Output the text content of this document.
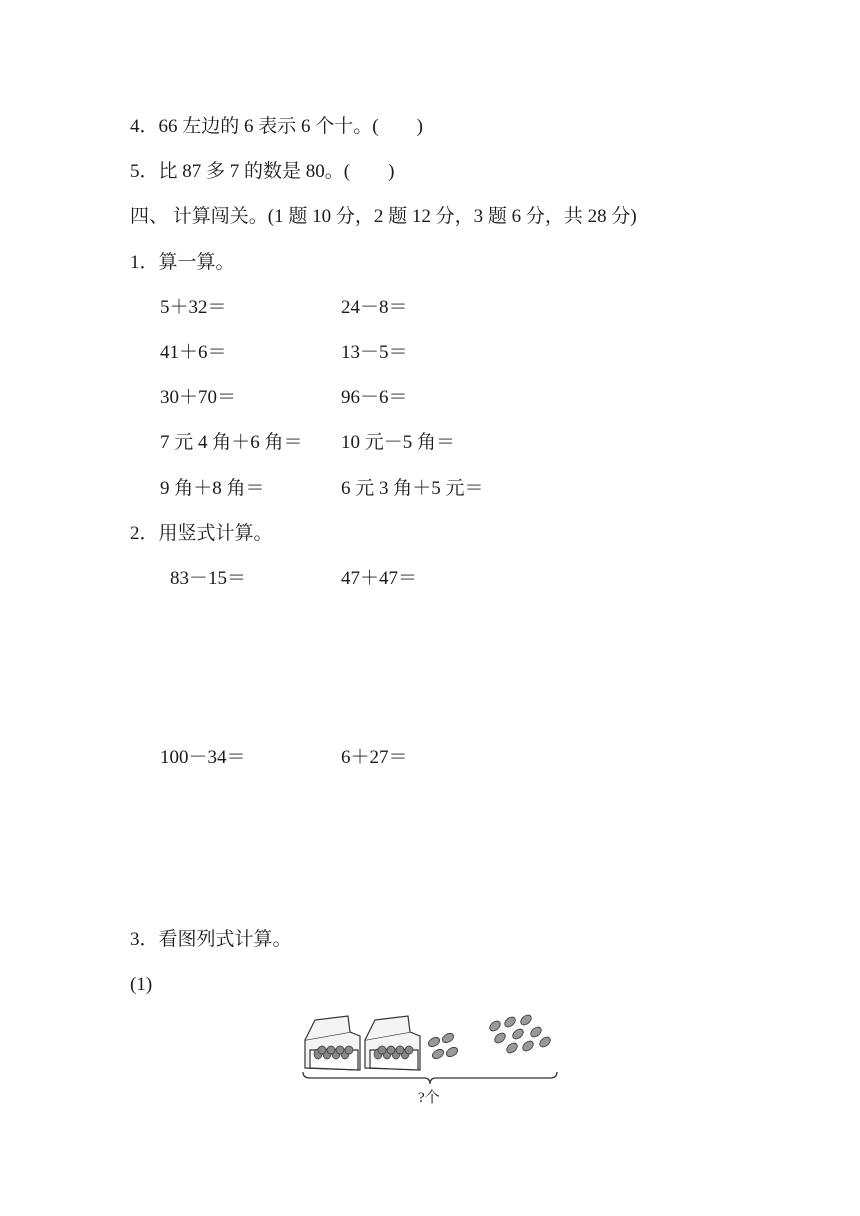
4．66 左边的 6 表示 6 个十。(　　)
5．比 87 多 7 的数是 80。(　　)
四、 计算闯关。(1 题 10 分，2 题 12 分，3 题 6 分，共 28 分)
1．算一算。
5＋32＝	24－8＝
41＋6＝	13－5＝
30＋70＝	96－6＝
7 元 4 角＋6 角＝ 10 元－5 角＝
9 角＋8 角＝	6 元 3 角＋5 元＝
2．用竖式计算。
83－15＝	47＋47＝
100－34＝	6＋27＝
3．看图列式计算。
(1)
?个
